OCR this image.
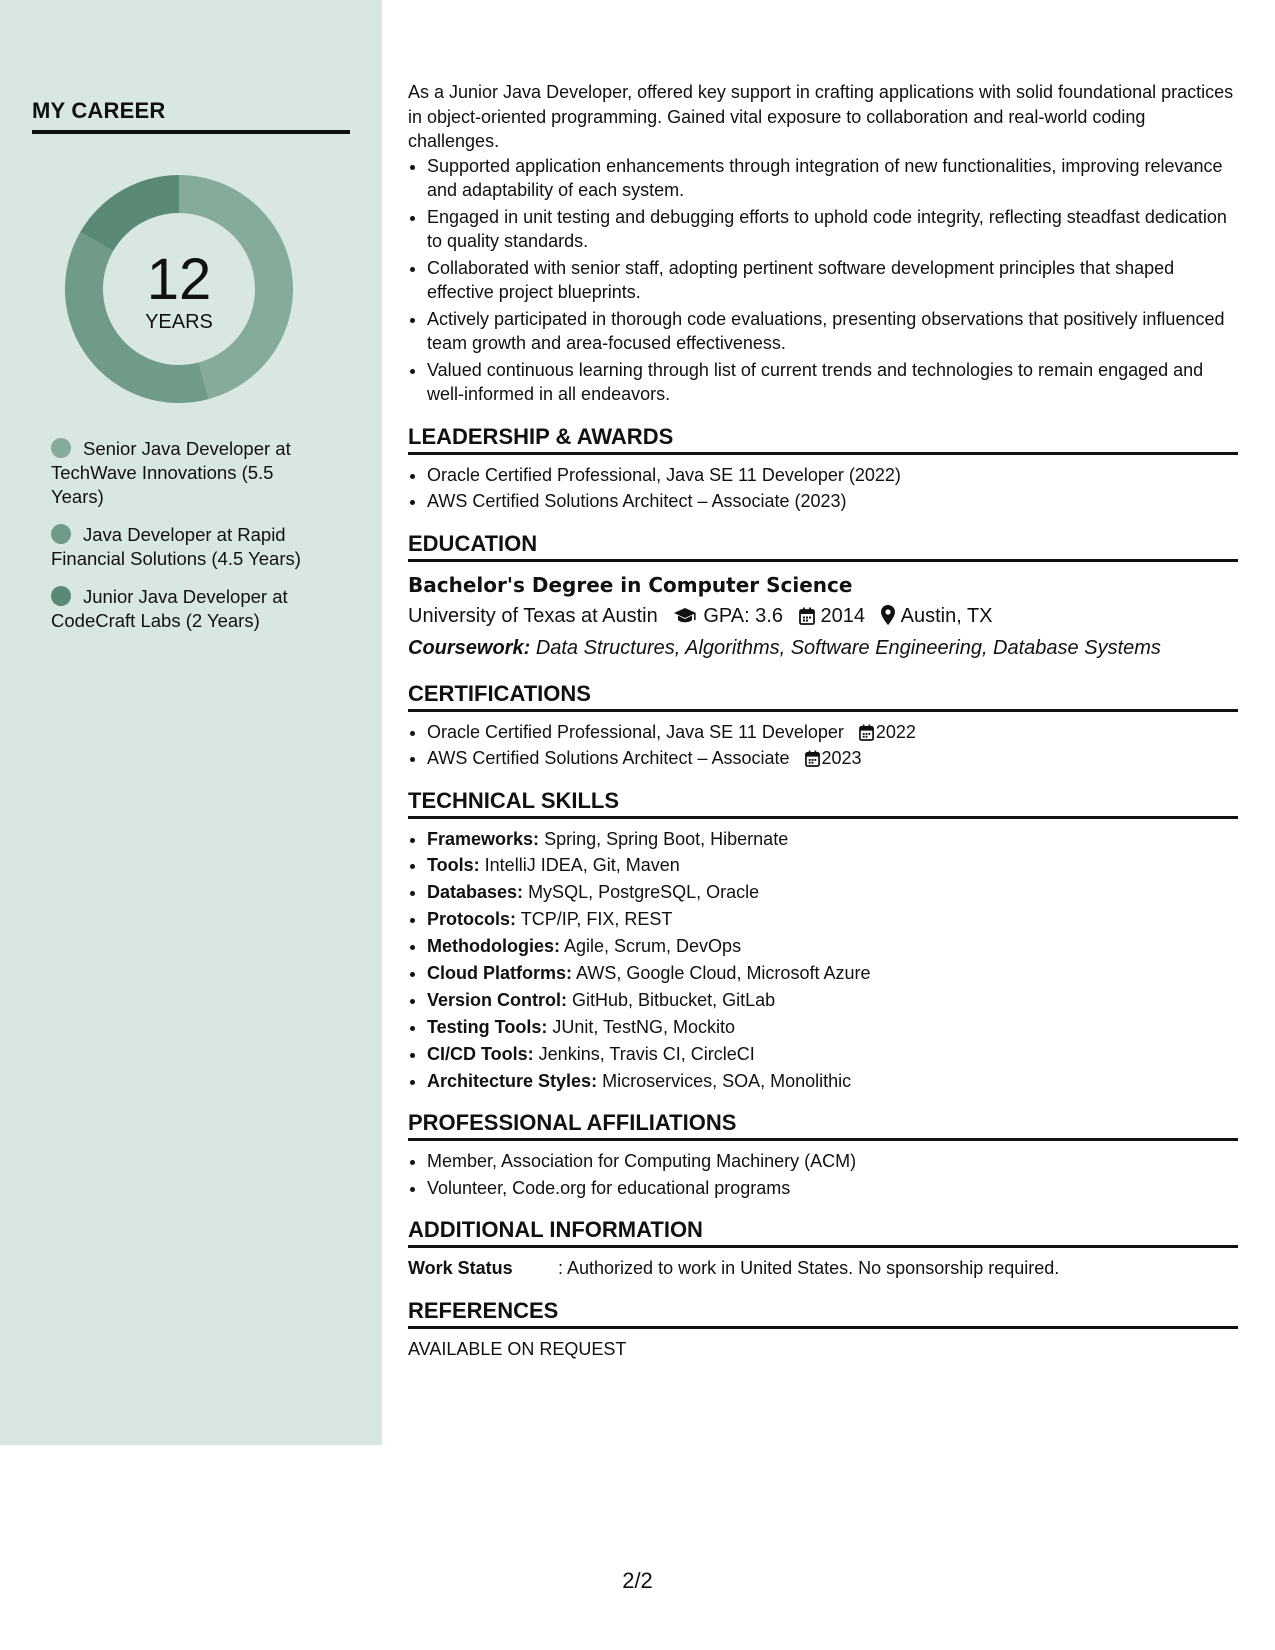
MY CAREER
12
YEARS
Senior Java Developer at TechWave Innovations (5.5 Years)
Java Developer at Rapid Financial Solutions (4.5 Years)
Junior Java Developer at CodeCraft Labs (2 Years)

As a Junior Java Developer, offered key support in crafting applications with solid foundational practices in object-oriented programming. Gained vital exposure to collaboration and real-world coding challenges.

• Supported application enhancements through integration of new functionalities, improving relevance and adaptability of each system.
• Engaged in unit testing and debugging efforts to uphold code integrity, reflecting steadfast dedication to quality standards.
• Collaborated with senior staff, adopting pertinent software development principles that shaped effective project blueprints.
• Actively participated in thorough code evaluations, presenting observations that positively influenced team growth and area-focused effectiveness.
• Valued continuous learning through list of current trends and technologies to remain engaged and well-informed in all endeavors.
LEADERSHIP & AWARDS
• Oracle Certified Professional, Java SE 11 Developer (2022)
• AWS Certified Solutions Architect – Associate (2023)
EDUCATION
Bachelor's Degree in Computer Science
University of Texas at Austin GPA: 3.6 2014 Austin, TX
Coursework: Data Structures, Algorithms, Software Engineering, Database Systems
CERTIFICATIONS
• Oracle Certified Professional, Java SE 11 Developer 2022
• AWS Certified Solutions Architect – Associate 2023
TECHNICAL SKILLS
• Frameworks: Spring, Spring Boot, Hibernate
• Tools: IntelliJ IDEA, Git, Maven
• Databases: MySQL, PostgreSQL, Oracle
• Protocols: TCP/IP, FIX, REST
• Methodologies: Agile, Scrum, DevOps
• Cloud Platforms: AWS, Google Cloud, Microsoft Azure
• Version Control: GitHub, Bitbucket, GitLab
• Testing Tools: JUnit, TestNG, Mockito
• CI/CD Tools: Jenkins, Travis CI, CircleCI
• Architecture Styles: Microservices, SOA, Monolithic
PROFESSIONAL AFFILIATIONS
• Member, Association for Computing Machinery (ACM)
• Volunteer, Code.org for educational programs
ADDITIONAL INFORMATION
Work Status	: Authorized to work in United States. No sponsorship required.
REFERENCES
AVAILABLE ON REQUEST
2/2
